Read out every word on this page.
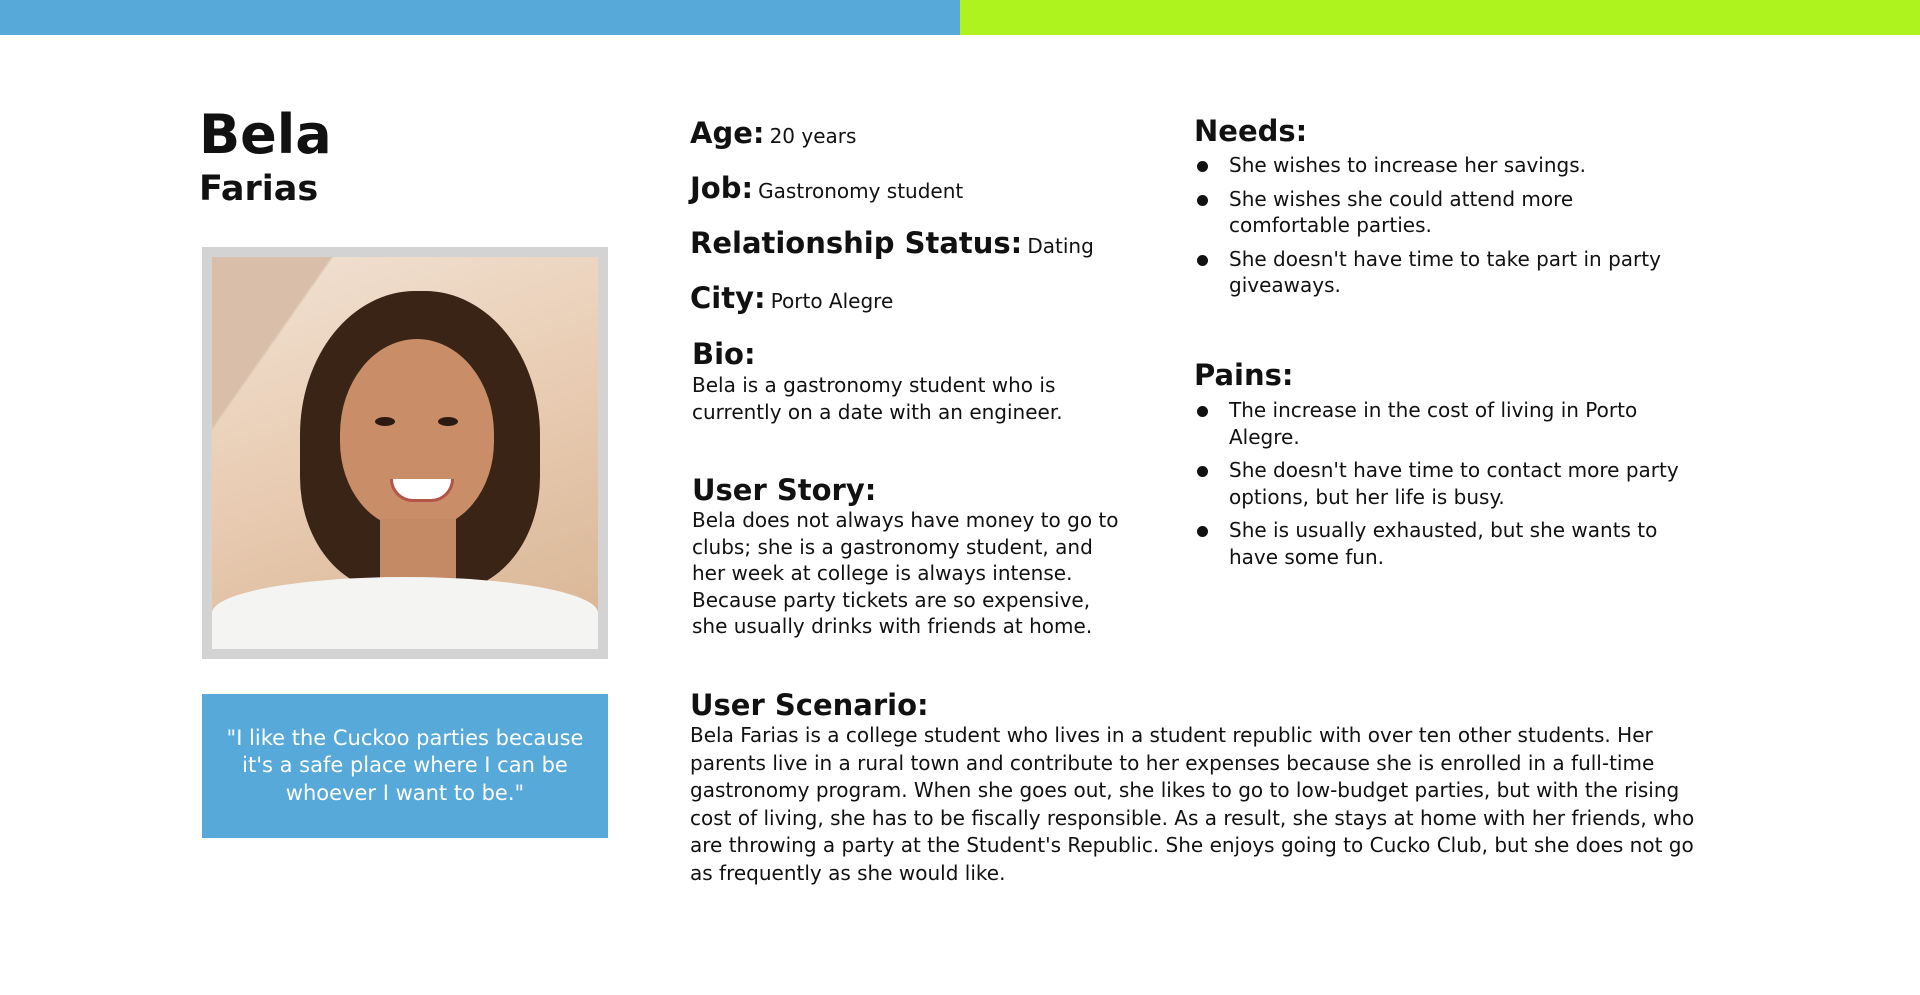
Bela
Farias

"I like the Cuckoo parties because it's a safe place where I can be whoever I want to be."

Age: 20 years

Job: Gastronomy student

Relationship Status: Dating

City: Porto Alegre

Bio:

Bela is a gastronomy student who is currently on a date with an engineer.

User Story:

Bela does not always have money to go to clubs; she is a gastronomy student, and her week at college is always intense. Because party tickets are so expensive, she usually drinks with friends at home.

Needs:
She wishes to increase her savings.
She wishes she could attend more comfortable parties.
She doesn't have time to take part in party giveaways.
Pains:
The increase in the cost of living in Porto Alegre.
She doesn't have time to contact more party options, but her life is busy.
She is usually exhausted, but she wants to have some fun.
User Scenario:

Bela Farias is a college student who lives in a student republic with over ten other students. Her parents live in a rural town and contribute to her expenses because she is enrolled in a full-time gastronomy program. When she goes out, she likes to go to low-budget parties, but with the rising cost of living, she has to be fiscally responsible. As a result, she stays at home with her friends, who are throwing a party at the Student's Republic. She enjoys going to Cucko Club, but she does not go as frequently as she would like.
